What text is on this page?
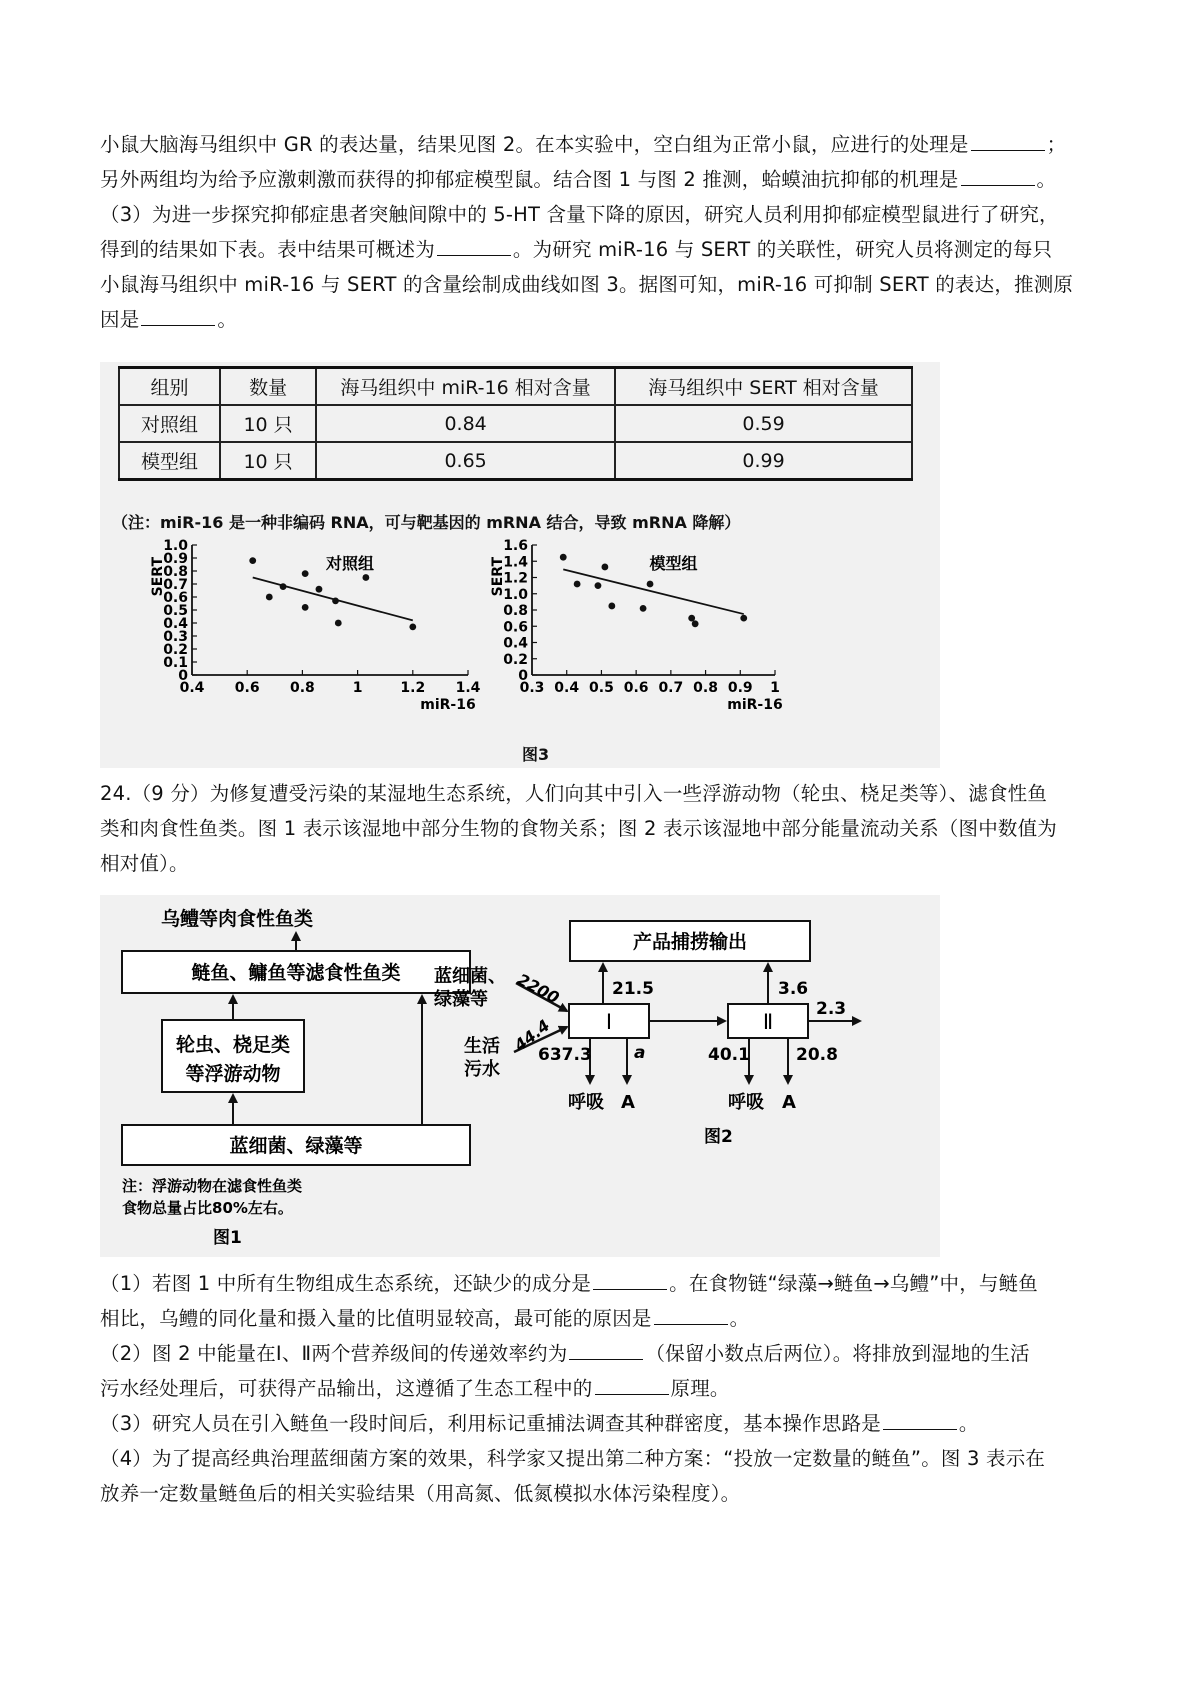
小鼠大脑海马组织中 GR 的表达量，结果见图 2。在本实验中，空白组为正常小鼠，应进行的处理是	；

另外两组均为给予应激刺激而获得的抑郁症模型鼠。结合图 1 与图 2 推测，蛤蟆油抗抑郁的机理是	。

（3）为进一步探究抑郁症患者突触间隙中的 5-HT 含量下降的原因，研究人员利用抑郁症模型鼠进行了研究，

得到的结果如下表。表中结果可概述为	。为研究 miR-16 与 SERT 的关联性，研究人员将测定的每只

小鼠海马组织中 miR-16 与 SERT 的含量绘制成曲线如图 3。据图可知，miR-16 可抑制 SERT 的表达，推测原

因是	。

组别	数量	海马组织中 miR-16 相对含量	海马组织中 SERT 相对含量
对照组	10 只	0.84	0.59
模型组	10 只	0.65	0.99
（注：miR-16 是一种非编码 RNA，可与靶基因的 mRNA 结合，导致 mRNA 降解）
0
0.1
0.2
0.3
0.4
0.5
0.6
0.7
0.8
0.9
1.0
0.4 0.6 0.8	1	1.2 1.4
SERT
miR-16
对照组
0
0.2
0.4
0.6
0.8
1.0
1.2
1.4
1.6
0.3 0.4 0.5 0.6 0.7 0.8 0.9 1
SERT
miR-16
模型组
图3

24.（9 分）为修复遭受污染的某湿地生态系统，人们向其中引入一些浮游动物（轮虫、桡足类等）、滤食性鱼

类和肉食性鱼类。图 1 表示该湿地中部分生物的食物关系；图 2 表示该湿地中部分能量流动关系（图中数值为

相对值）。

乌鳢等肉食性鱼类
鲢鱼、鳙鱼等滤食性鱼类
轮虫、桡足类
等浮游动物
蓝细菌、绿藻等
注：浮游动物在滤食性鱼类
食物总量占比80%左右。
图1
产品捕捞输出
Ⅰ	Ⅱ
蓝细菌、
绿藻等 2200
生活
污水
44.4
21.5	3.6
2.3
637.3 a	40.1	20.8
呼吸 A	呼吸 A
图2

（1）若图 1 中所有生物组成生态系统，还缺少的成分是	。在食物链“绿藻→鲢鱼→乌鳢”中，与鲢鱼

相比，乌鳢的同化量和摄入量的比值明显较高，最可能的原因是	。

（2）图 2 中能量在Ⅰ、Ⅱ两个营养级间的传递效率约为	（保留小数点后两位）。将排放到湿地的生活

污水经处理后，可获得产品输出，这遵循了生态工程中的	原理。

（3）研究人员在引入鲢鱼一段时间后，利用标记重捕法调查其种群密度，基本操作思路是	。

（4）为了提高经典治理蓝细菌方案的效果，科学家又提出第二种方案：“投放一定数量的鲢鱼”。图 3 表示在

放养一定数量鲢鱼后的相关实验结果（用高氮、低氮模拟水体污染程度）。
